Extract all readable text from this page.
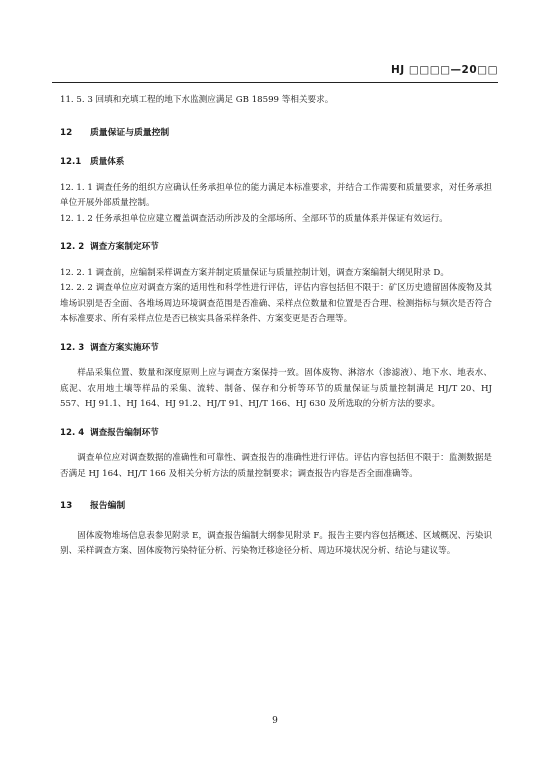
HJ □□□□—20□□

11. 5. 3 回填和充填工程的地下水监测应满足 GB 18599 等相关要求。

12 质量保证与质量控制
12.1 质量体系

12. 1. 1 调查任务的组织方应确认任务承担单位的能力满足本标准要求，并结合工作需要和质量要求，对任务承担单位开展外部质量控制。

12. 1. 2 任务承担单位应建立覆盖调查活动所涉及的全部场所、全部环节的质量体系并保证有效运行。

12. 2 调查方案制定环节

12. 2. 1 调查前，应编制采样调查方案并制定质量保证与质量控制计划，调查方案编制大纲见附录 D。

12. 2. 2 调查单位应对调查方案的适用性和科学性进行评估，评估内容包括但不限于：矿区历史遗留固体废物及其堆场识别是否全面、各堆场周边环境调查范围是否准确、采样点位数量和位置是否合理、检测指标与频次是否符合本标准要求、所有采样点位是否已核实具备采样条件、方案变更是否合理等。

12. 3 调查方案实施环节

样品采集位置、数量和深度原则上应与调查方案保持一致。固体废物、淋溶水（渗滤液）、地下水、地表水、底泥、农用地土壤等样品的采集、流转、制备、保存和分析等环节的质量保证与质量控制满足 HJ/T 20、HJ 557、HJ 91.1、HJ 164、HJ 91.2、HJ/T 91、HJ/T 166、HJ 630 及所选取的分析方法的要求。

12. 4 调查报告编制环节

调查单位应对调查数据的准确性和可靠性、调查报告的准确性进行评估。评估内容包括但不限于：监测数据是否满足 HJ 164、HJ/T 166 及相关分析方法的质量控制要求；调查报告内容是否全面准确等。

13 报告编制

固体废物堆场信息表参见附录 E，调查报告编制大纲参见附录 F。报告主要内容包括概述、区域概况、污染识别、采样调查方案、固体废物污染特征分析、污染物迁移途径分析、周边环境状况分析、结论与建议等。

9
